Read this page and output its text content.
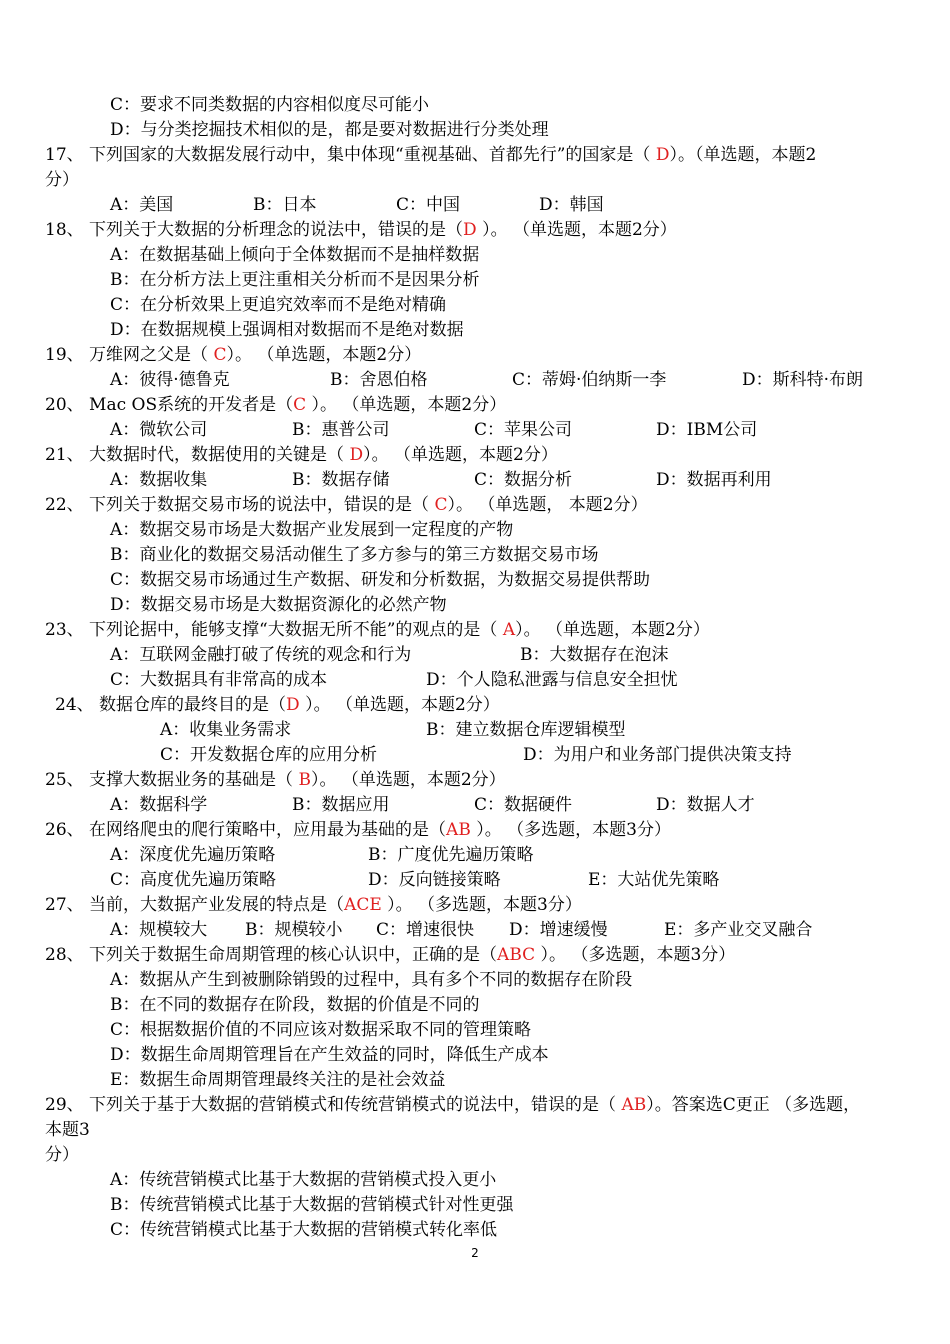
C：要求不同类数据的内容相似度尽可能小
D：与分类挖掘技术相似的是，都是要对数据进行分类处理
17、 下列国家的大数据发展行动中，集中体现“重视基础、首都先行”的国家是（ D）。（单选题，本题2
分）
A：美国	B：日本	C：中国	D：韩国
18、 下列关于大数据的分析理念的说法中，错误的是（D ）。 （单选题，本题2分）
A：在数据基础上倾向于全体数据而不是抽样数据
B：在分析方法上更注重相关分析而不是因果分析
C：在分析效果上更追究效率而不是绝对精确
D：在数据规模上强调相对数据而不是绝对数据
19、 万维网之父是（ C）。 （单选题，本题2分）
A：彼得·德鲁克	B：舍恩伯格	C：蒂姆·伯纳斯一李	D：斯科特·布朗
20、 Mac OS系统的开发者是（C ）。 （单选题，本题2分）
A：微软公司	B：惠普公司	C：苹果公司	D：IBM公司
21、 大数据时代，数据使用的关键是（ D）。 （单选题，本题2分）
A：数据收集	B：数据存储	C：数据分析	D：数据再利用
22、 下列关于数据交易市场的说法中，错误的是（ C）。 （单选题， 本题2分）
A：数据交易市场是大数据产业发展到一定程度的产物
B：商业化的数据交易活动催生了多方参与的第三方数据交易市场
C：数据交易市场通过生产数据、研发和分析数据，为数据交易提供帮助
D：数据交易市场是大数据资源化的必然产物
23、 下列论据中，能够支撑“大数据无所不能”的观点的是（ A）。 （单选题，本题2分）
A：互联网金融打破了传统的观念和行为	B：大数据存在泡沫
C：大数据具有非常高的成本	D：个人隐私泄露与信息安全担忧
24、 数据仓库的最终目的是（D ）。 （单选题，本题2分）
A：收集业务需求	B：建立数据仓库逻辑模型
C：开发数据仓库的应用分析	D：为用户和业务部门提供决策支持
25、 支撑大数据业务的基础是（ B）。 （单选题，本题2分）
A：数据科学	B：数据应用	C：数据硬件	D：数据人才
26、 在网络爬虫的爬行策略中，应用最为基础的是（AB ）。 （多选题，本题3分）
A：深度优先遍历策略	B：广度优先遍历策略
C：高度优先遍历策略	D：反向链接策略	E：大站优先策略
27、 当前，大数据产业发展的特点是（ACE ）。 （多选题，本题3分）
A：规模较大 B：规模较小 C：增速很快 D：增速缓慢	E：多产业交叉融合
28、 下列关于数据生命周期管理的核心认识中，正确的是（ABC ）。 （多选题，本题3分）
A：数据从产生到被删除销毁的过程中，具有多个不同的数据存在阶段
B：在不同的数据存在阶段，数据的价值是不同的
C：根据数据价值的不同应该对数据采取不同的管理策略
D：数据生命周期管理旨在产生效益的同时，降低生产成本
E：数据生命周期管理最终关注的是社会效益
29、 下列关于基于大数据的营销模式和传统营销模式的说法中，错误的是（ AB）。答案选C更正 （多选题，
本题3
分）
A：传统营销模式比基于大数据的营销模式投入更小
B：传统营销模式比基于大数据的营销模式针对性更强
C：传统营销模式比基于大数据的营销模式转化率低
2
